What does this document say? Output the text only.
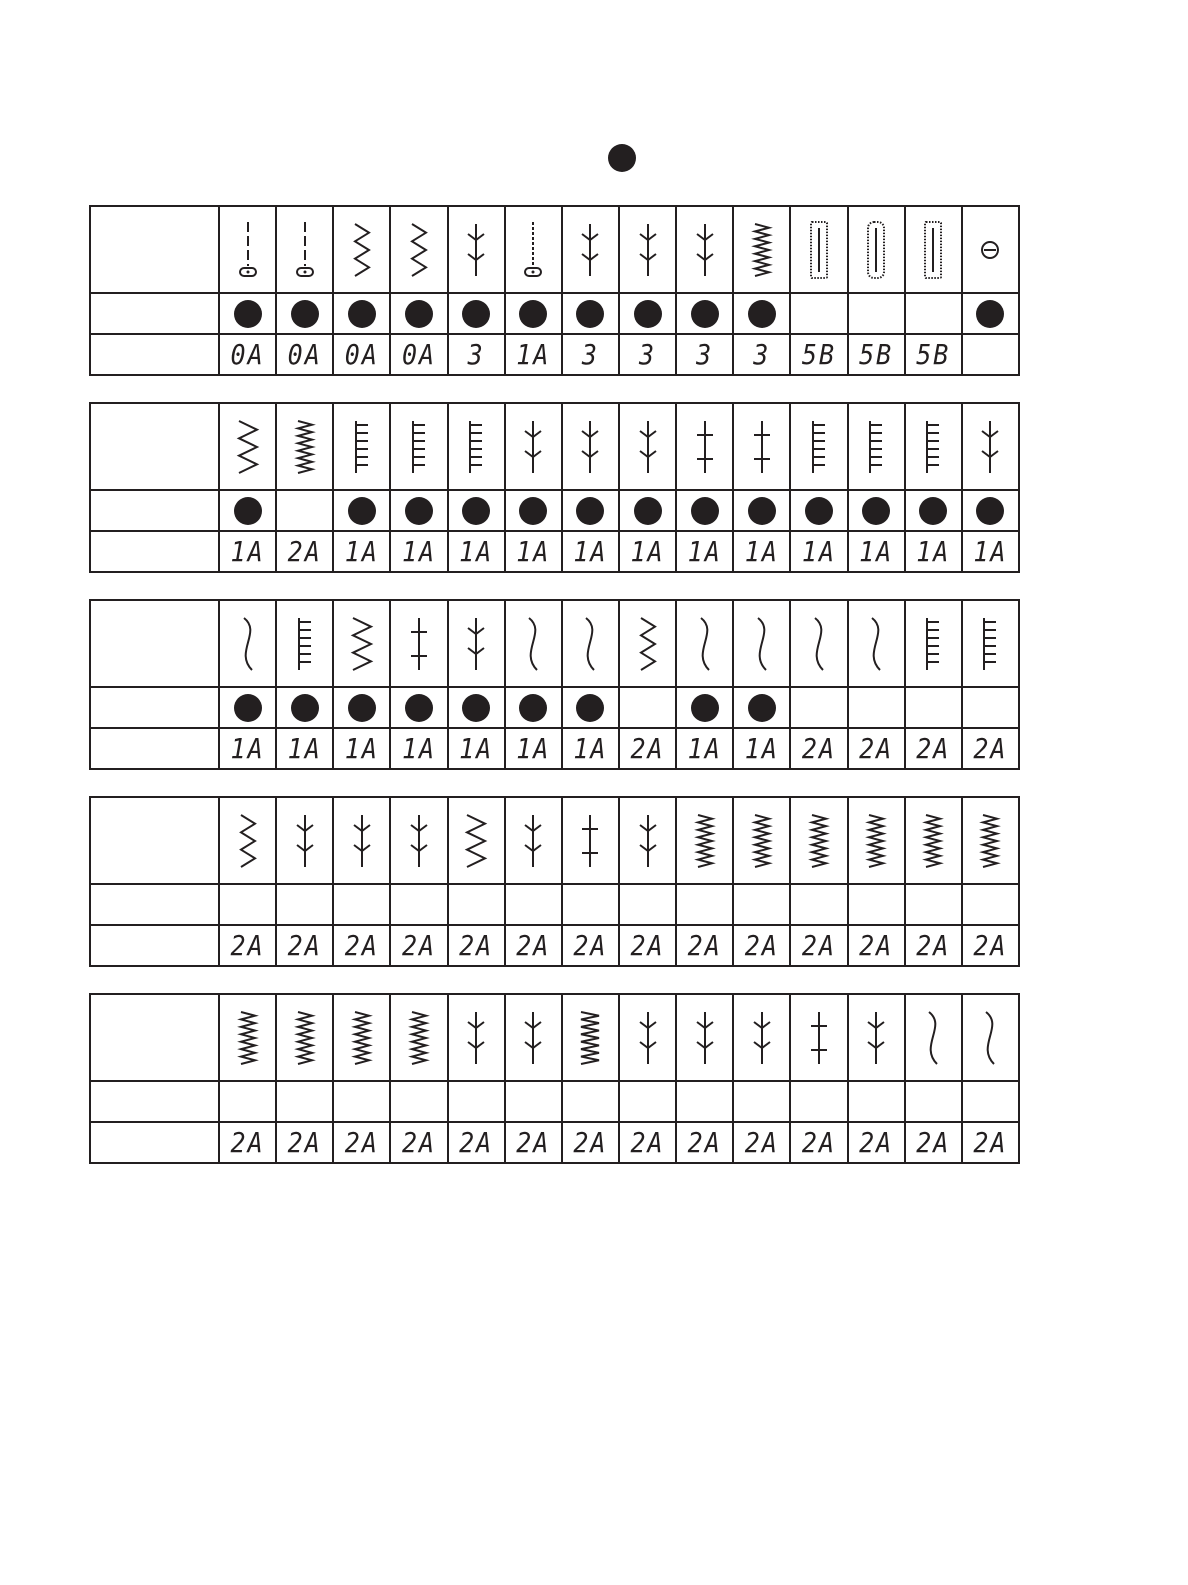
	0A	0A	0A	0A	3	1A	3	3	3	3	5B	5B	5B	

	1A	2A	1A	1A	1A	1A	1A	1A	1A	1A	1A	1A	1A	1A

	1A	1A	1A	1A	1A	1A	1A	2A	1A	1A	2A	2A	2A	2A

	2A	2A	2A	2A	2A	2A	2A	2A	2A	2A	2A	2A	2A	2A

	2A	2A	2A	2A	2A	2A	2A	2A	2A	2A	2A	2A	2A	2A
